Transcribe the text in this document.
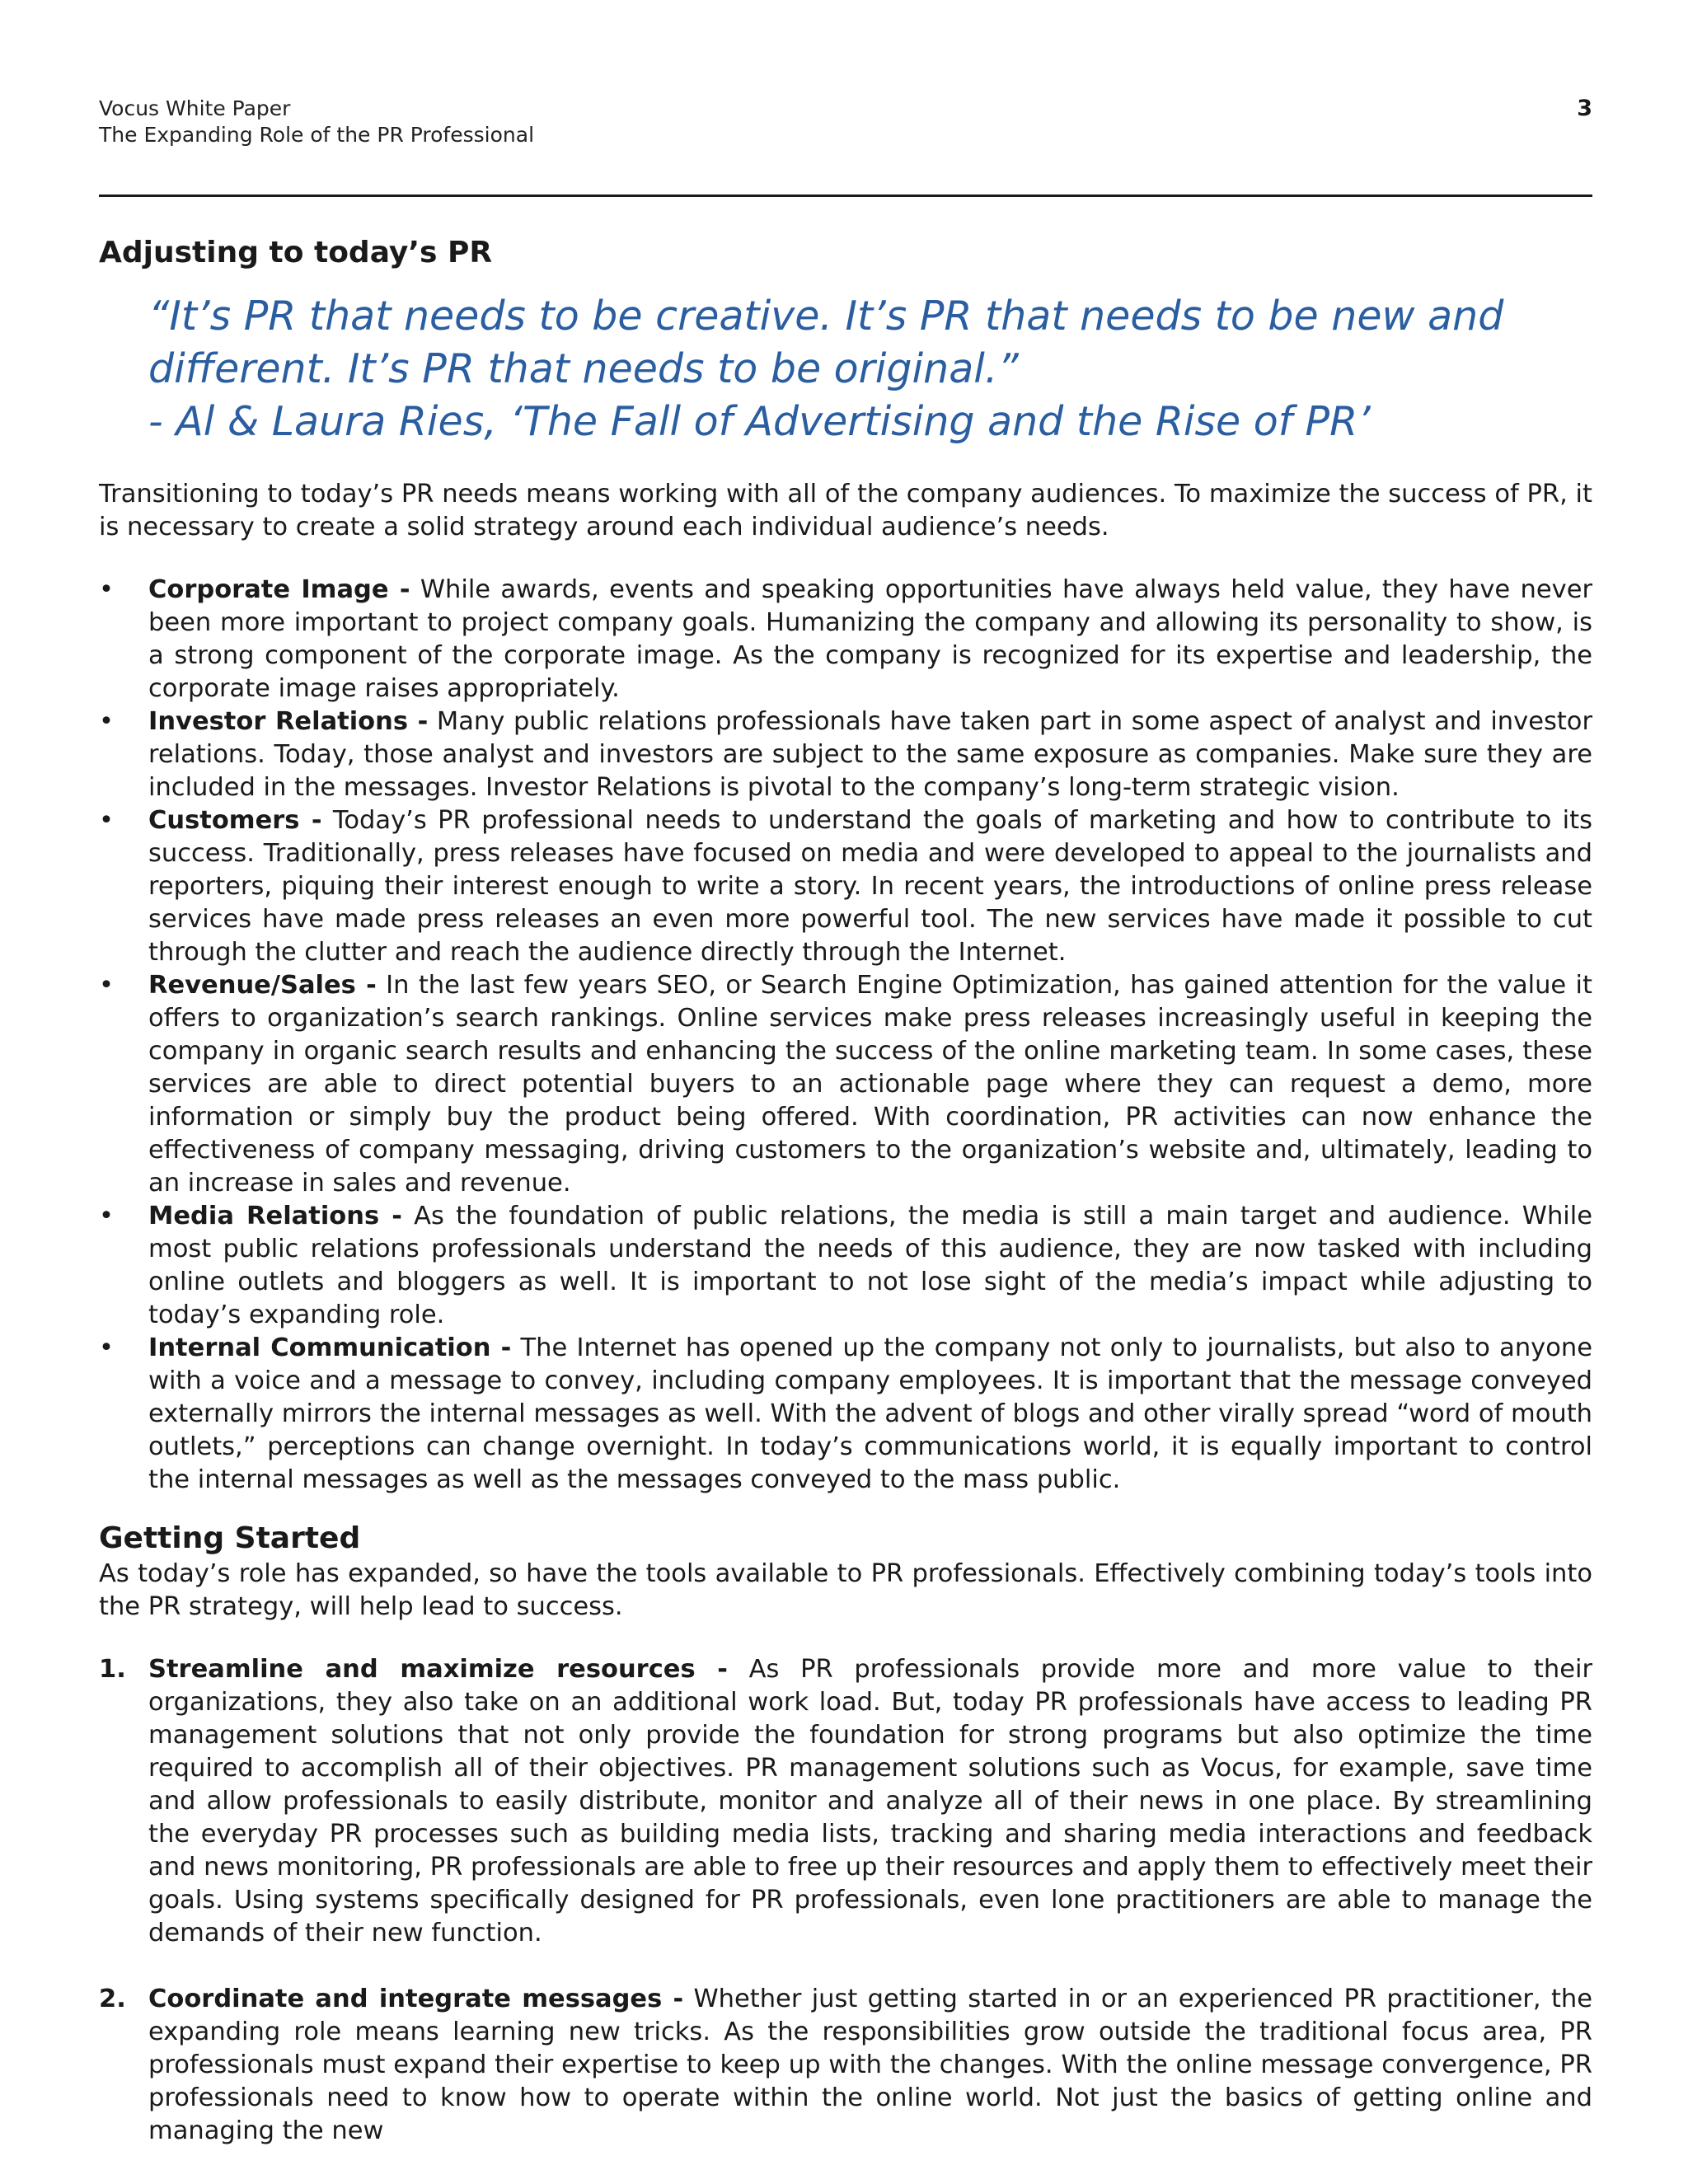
Vocus White Paper
The Expanding Role of the PR Professional
3
Adjusting to today’s PR
“It’s PR that needs to be creative. It’s PR that needs to be new and
different. It’s PR that needs to be original.”
- Al & Laura Ries, ‘The Fall of Advertising and the Rise of PR’

Transitioning to today’s PR needs means working with all of the company audiences. To maximize the success of PR, it is necessary to create a solid strategy around each individual audience’s needs.

• Corporate Image - While awards, events and speaking opportunities have always held value, they have never been more important to project company goals. Humanizing the company and allowing its personality to show, is a strong component of the corporate image. As the company is recognized for its expertise and leadership, the corporate image raises appropriately.
• Investor Relations - Many public relations professionals have taken part in some aspect of analyst and investor relations. Today, those analyst and investors are subject to the same exposure as companies. Make sure they are included in the messages. Investor Relations is pivotal to the company’s long-term strategic vision.
• Customers - Today’s PR professional needs to understand the goals of marketing and how to contribute to its success. Traditionally, press releases have focused on media and were developed to appeal to the journalists and reporters, piquing their interest enough to write a story. In recent years, the introductions of online press release services have made press releases an even more powerful tool. The new services have made it possible to cut through the clutter and reach the audience directly through the Internet.
• Revenue/Sales - In the last few years SEO, or Search Engine Optimization, has gained attention for the value it offers to organization’s search rankings. Online services make press releases increasingly useful in keeping the company in organic search results and enhancing the success of the online marketing team. In some cases, these services are able to direct potential buyers to an actionable page where they can request a demo, more information or simply buy the product being offered. With coordination, PR activities can now enhance the effectiveness of company messaging, driving customers to the organization’s website and, ultimately, leading to an increase in sales and revenue.
• Media Relations - As the foundation of public relations, the media is still a main target and audience. While most public relations professionals understand the needs of this audience, they are now tasked with including online outlets and bloggers as well. It is important to not lose sight of the media’s impact while adjusting to today’s expanding role.
• Internal Communication - The Internet has opened up the company not only to journalists, but also to anyone with a voice and a message to convey, including company employees. It is important that the message conveyed externally mirrors the internal messages as well. With the advent of blogs and other virally spread “word of mouth outlets,” perceptions can change overnight. In today’s communications world, it is equally important to control the internal messages as well as the messages conveyed to the mass public.
Getting Started

As today’s role has expanded, so have the tools available to PR professionals. Effectively combining today’s tools into the PR strategy, will help lead to success.

1. Streamline and maximize resources - As PR professionals provide more and more value to their organizations, they also take on an additional work load. But, today PR professionals have access to leading PR management solutions that not only provide the foundation for strong programs but also optimize the time required to accomplish all of their objectives. PR management solutions such as Vocus, for example, save time and allow professionals to easily distribute, monitor and analyze all of their news in one place. By streamlining the everyday PR processes such as building media lists, tracking and sharing media interactions and feedback and news monitoring, PR professionals are able to free up their resources and apply them to effectively meet their goals. Using systems specifically designed for PR professionals, even lone practitioners are able to manage the demands of their new function.
2. Coordinate and integrate messages - Whether just getting started in or an experienced PR practitioner, the expanding role means learning new tricks. As the responsibilities grow outside the traditional focus area, PR professionals must expand their expertise to keep up with the changes. With the online message convergence, PR professionals need to know how to operate within the online world. Not just the basics of getting online and managing the new
